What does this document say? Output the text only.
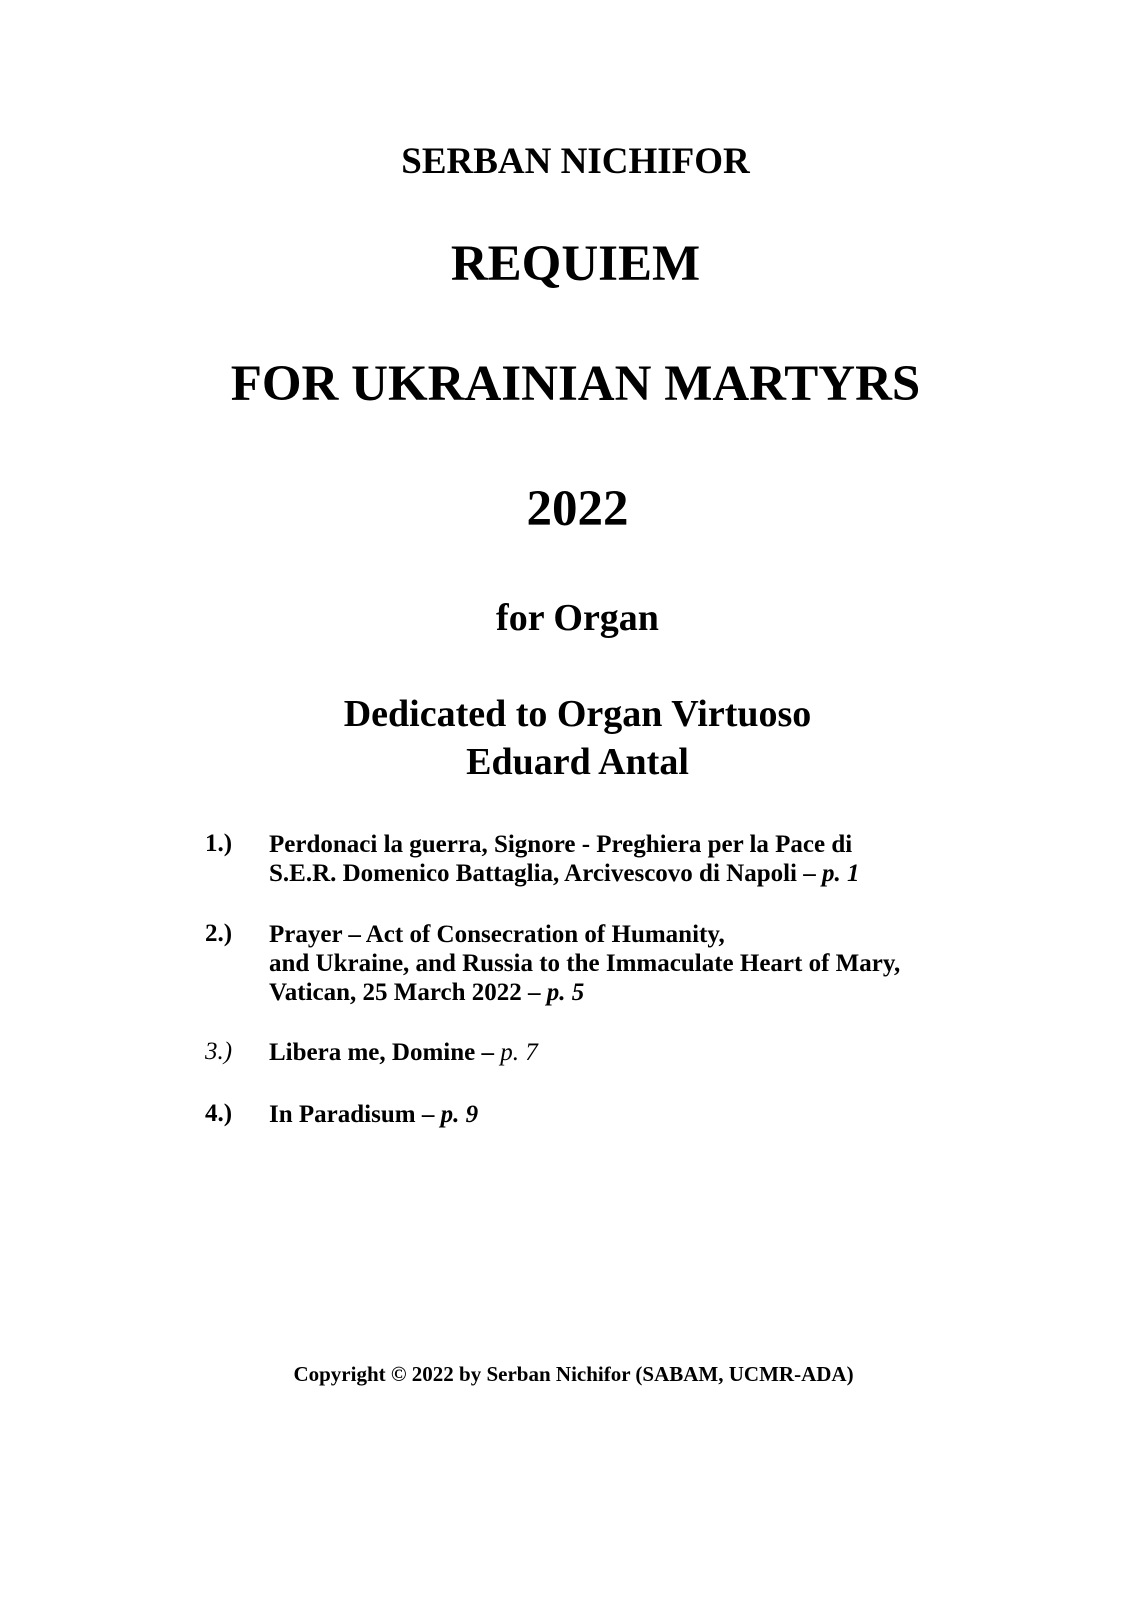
SERBAN NICHIFOR
REQUIEM
FOR UKRAINIAN MARTYRS
2022
for Organ
Dedicated to Organ Virtuoso
Eduard Antal
1.)	Perdonaci la guerra, Signore - Preghiera per la Pace di
S.E.R. Domenico Battaglia, Arcivescovo di Napoli – p. 1
2.)	Prayer – Act of Consecration of Humanity,
and Ukraine, and Russia to the Immaculate Heart of Mary,
Vatican, 25 March 2022 – p. 5
3.)	Libera me, Domine – p. 7
4.)	In Paradisum – p. 9
Copyright © 2022 by Serban Nichifor (SABAM, UCMR-ADA)
